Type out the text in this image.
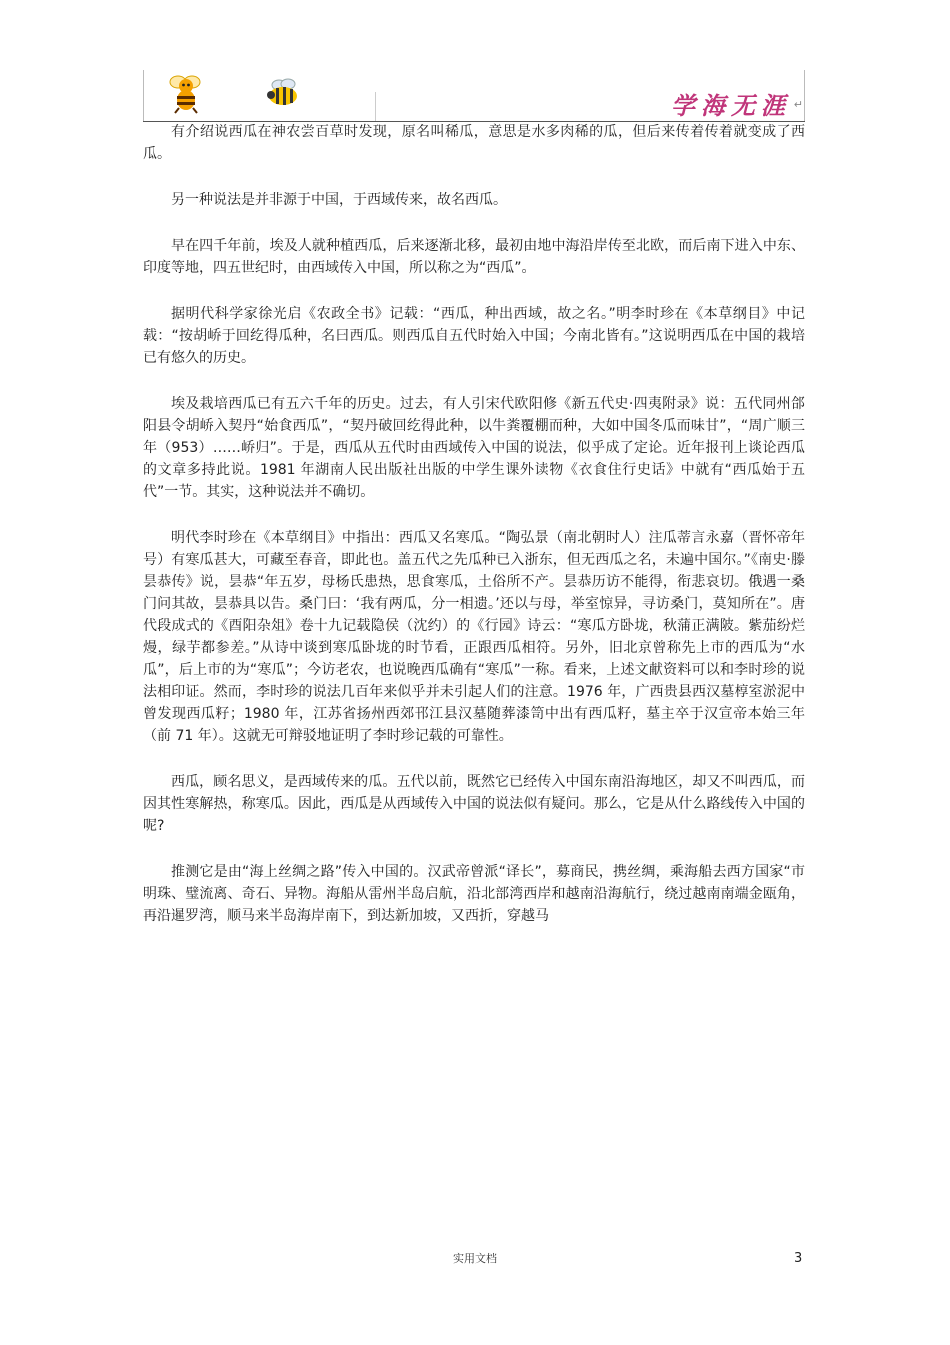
学海无涯 ↵

有介绍说西瓜在神农尝百草时发现，原名叫稀瓜，意思是水多肉稀的瓜，但后来传着传着就变成了西瓜。

另一种说法是并非源于中国，于西域传来，故名西瓜。

早在四千年前，埃及人就种植西瓜，后来逐渐北移，最初由地中海沿岸传至北欧，而后南下进入中东、印度等地，四五世纪时，由西域传入中国，所以称之为“西瓜”。

据明代科学家徐光启《农政全书》记载：“西瓜，种出西域，故之名。”明李时珍在《本草纲目》中记载：“按胡峤于回纥得瓜种，名曰西瓜。则西瓜自五代时始入中国；今南北皆有。”这说明西瓜在中国的栽培已有悠久的历史。

埃及栽培西瓜已有五六千年的历史。过去，有人引宋代欧阳修《新五代史·四夷附录》说：五代同州郃阳县令胡峤入契丹“始食西瓜”，“契丹破回纥得此种，以牛粪覆棚而种，大如中国冬瓜而味甘”，“周广顺三年（953）……峤归”。于是，西瓜从五代时由西域传入中国的说法，似乎成了定论。近年报刊上谈论西瓜的文章多持此说。1981 年湖南人民出版社出版的中学生课外读物《衣食住行史话》中就有“西瓜始于五代”一节。其实，这种说法并不确切。

明代李时珍在《本草纲目》中指出：西瓜又名寒瓜。“陶弘景（南北朝时人）注瓜蒂言永嘉（晋怀帝年号）有寒瓜甚大，可藏至春音，即此也。盖五代之先瓜种已入浙东，但无西瓜之名，未遍中国尔。”《南史·滕昙恭传》说，昙恭“年五岁，母杨氏患热，思食寒瓜，土俗所不产。昙恭历访不能得，衔悲哀切。俄遇一桑门问其故，昙恭具以告。桑门曰：‘我有两瓜，分一相遗。’还以与母，举室惊异，寻访桑门，莫知所在”。唐代段成式的《酉阳杂俎》卷十九记载隐侯（沈约）的《行园》诗云：“寒瓜方卧垅，秋蒲正满陂。紫茄纷烂熳，绿芋都参差。”从诗中谈到寒瓜卧垅的时节看，正跟西瓜相符。另外，旧北京曾称先上市的西瓜为“水瓜”，后上市的为“寒瓜”；今访老农，也说晚西瓜确有“寒瓜”一称。看来，上述文献资料可以和李时珍的说法相印证。然而，李时珍的说法几百年来似乎并未引起人们的注意。1976 年，广西贵县西汉墓椁室淤泥中曾发现西瓜籽；1980 年，江苏省扬州西郊邗江县汉墓随葬漆笥中出有西瓜籽，墓主卒于汉宣帝本始三年（前 71 年）。这就无可辩驳地证明了李时珍记载的可靠性。

西瓜，顾名思义，是西域传来的瓜。五代以前，既然它已经传入中国东南沿海地区，却又不叫西瓜，而因其性寒解热，称寒瓜。因此，西瓜是从西域传入中国的说法似有疑问。那么，它是从什么路线传入中国的呢?

推测它是由“海上丝绸之路”传入中国的。汉武帝曾派“译长”，募商民，携丝绸，乘海船去西方国家“市明珠、璧流离、奇石、异物。海船从雷州半岛启航，沿北部湾西岸和越南沿海航行，绕过越南南端金瓯角，再沿暹罗湾，顺马来半岛海岸南下，到达新加坡，又西折，穿越马

实用文档	3
